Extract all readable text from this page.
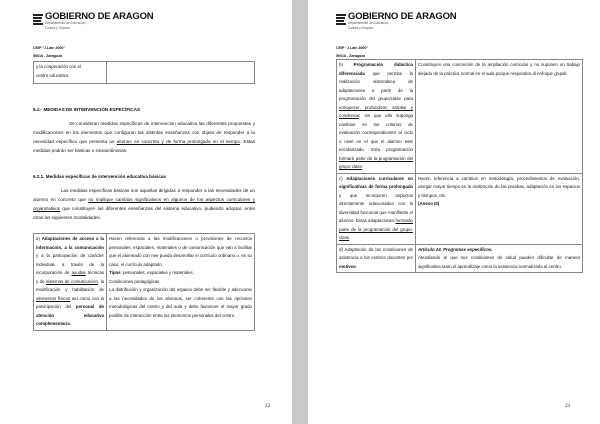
GOBIERNO DE ARAGON
Departamento de Educación,
Cultura y Deporte
CEIP "J.Lain 2000"
50018 - Zaragoza
y la cooperación con el
centro educativo.

6.2.- MEDIDAS DE INTERVENCIÓN ESPECÍFICAS
Se consideran medidas específicas de intervención educativa las diferentes propuestas y modificaciones en los elementos que configuran las distintas enseñanzas con objeto de responder a la necesidad específica que presenta un alumno en concreto y de forma prolongada en el tiempo. Estas medidas podrán ser básicas o extraordinarias.
6.2.1. Medidas específicas de intervención educativa básicas
Las medidas específicas básicas son aquellas dirigidas a responder a las necesidades de un alumno en concreto que no implique cambios significativos en algunos de los aspectos curriculares y organizativos que constituyen las diferentes enseñanzas del sistema educativo, pudiendo adoptar, entre otras las siguientes modalidades.
a) Adaptaciones de acceso a la información, a la comunicación y a la participación de carácter individual, a través de la incorporación de ayudas técnicas y de sistemas de comunicación, la modificación y habilitación de elementos físicos así como con la participación del personal de atención educativa complementaria.	
Hacen referencia a las modificaciones o provisiones de recursos personales, espaciales, materiales o de comunicación que van a facilitar que el alumnado con nee pueda desarrollar el currículo ordinario o, en su caso, el currículo adaptado.
Tipos: personales, espaciales y materiales.
Condiciones pedagógicas
La distribución y organización del espacio debe ser flexible y adecuarse a las necesidades de los alumnos, ser coherente con las opciones metodológicas del centro y del aula y debe favorecer el mayor grado posible de interacción entre los elementos personales del centro.
22
GOBIERNO DE ARAGON
Departamento de Educación,
Cultura y Deporte
CEIP "J.Lain 2000"
50018 - Zaragoza
b) Programación didáctica diferenciada que permita la realización sistemática de adaptaciones a partir de la programación del grupo/clase para enriquecer, profundizar, ampliar y condensar, sin que ello suponga cambios en los criterios de evaluación correspondientes al ciclo o nivel en el que el alumno esté escolarizado. Esta programación formará parte de la programación del grupo-clase.	Constituyen una concreción de la ampliación curricular y no suponen un trabajo alejado de la práctica normal en el aula porque responden al enfoque grupal.
c) Adaptaciones curriculares no significativas de forma prolongada y que incorporen aspectos directamente relacionados con la diversidad funcional que manifieste el alumno. Estas adaptaciones formarán parte de la programación del grupo-clase.	Hacen referencia a cambios en metodología, procedimientos de evaluación, otorgar mayor tiempo en la realización de las pruebas, adaptación en los espacios y tiempos, etc.
(Anexo III)

d) Adaptación de las condiciones de asistencia a los centros docentes por motivos	Artículo 24. Programas específicos.
Atendiendo al que sus condiciones de salud pueden dificultar de manera significativa tanto el aprendizaje como la asistencia normalizada al centro.
23
